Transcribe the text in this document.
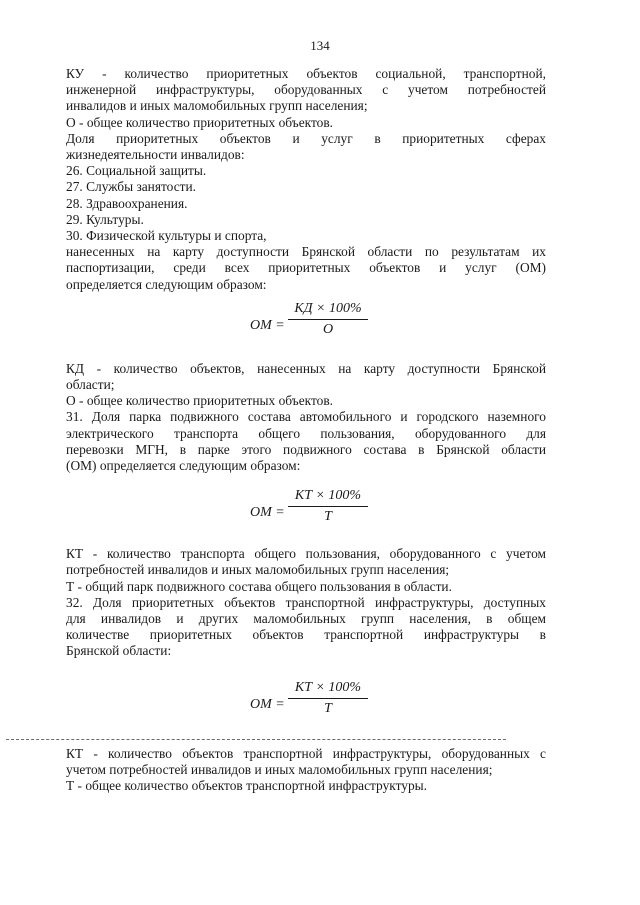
134

КУ - количество приоритетных объектов социальной, транспортной,

инженерной инфраструктуры, оборудованных с учетом потребностей

инвалидов и иных маломобильных групп населения;

О - общее количество приоритетных объектов.

Доля приоритетных объектов и услуг в приоритетных сферах

жизнедеятельности инвалидов:

26. Социальной защиты.

27. Службы занятости.

28. Здравоохранения.

29. Культуры.

30. Физической культуры и спорта,

нанесенных на карту доступности Брянской области по результатам их

паспортизации, среди всех приоритетных объектов и услуг (ОМ)

определяется следующим образом:

ОМ =
КД × 100%
О

КД - количество объектов, нанесенных на карту доступности Брянской

области;

О - общее количество приоритетных объектов.

31. Доля парка подвижного состава автомобильного и городского наземного

электрического транспорта общего пользования, оборудованного для

перевозки МГН, в парке этого подвижного состава в Брянской области

(ОМ) определяется следующим образом:

ОМ =
КТ × 100%
Т

КТ - количество транспорта общего пользования, оборудованного с учетом

потребностей инвалидов и иных маломобильных групп населения;

Т - общий парк подвижного состава общего пользования в области.

32. Доля приоритетных объектов транспортной инфраструктуры, доступных

для инвалидов и других маломобильных групп населения, в общем

количестве приоритетных объектов транспортной инфраструктуры в

Брянской области:

ОМ =
КТ × 100%
Т

КТ - количество объектов транспортной инфраструктуры, оборудованных с

учетом потребностей инвалидов и иных маломобильных групп населения;

Т - общее количество объектов транспортной инфраструктуры.
